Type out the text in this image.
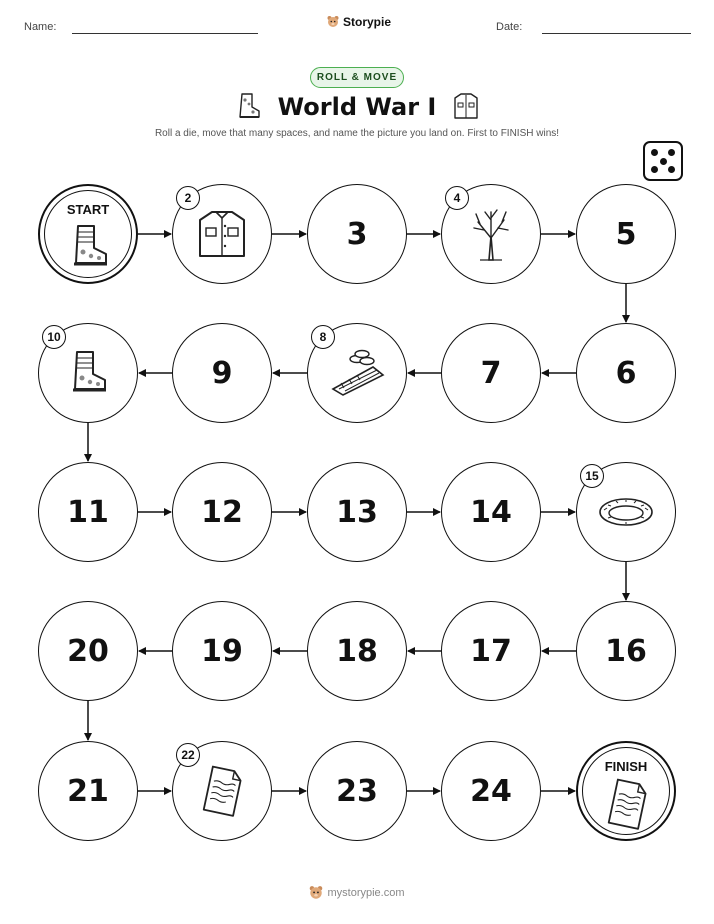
Name:	Storypie	Date:
ROLL & MOVE
World War I
Roll a die, move that many spaces, and name the picture you land on. First to FINISH wins!
START
2
3
4
5
6
7
8
9
10
11	12	13	14
15
16
17
18
19
20
21
22
23	24
FINISH
mystorypie.com
